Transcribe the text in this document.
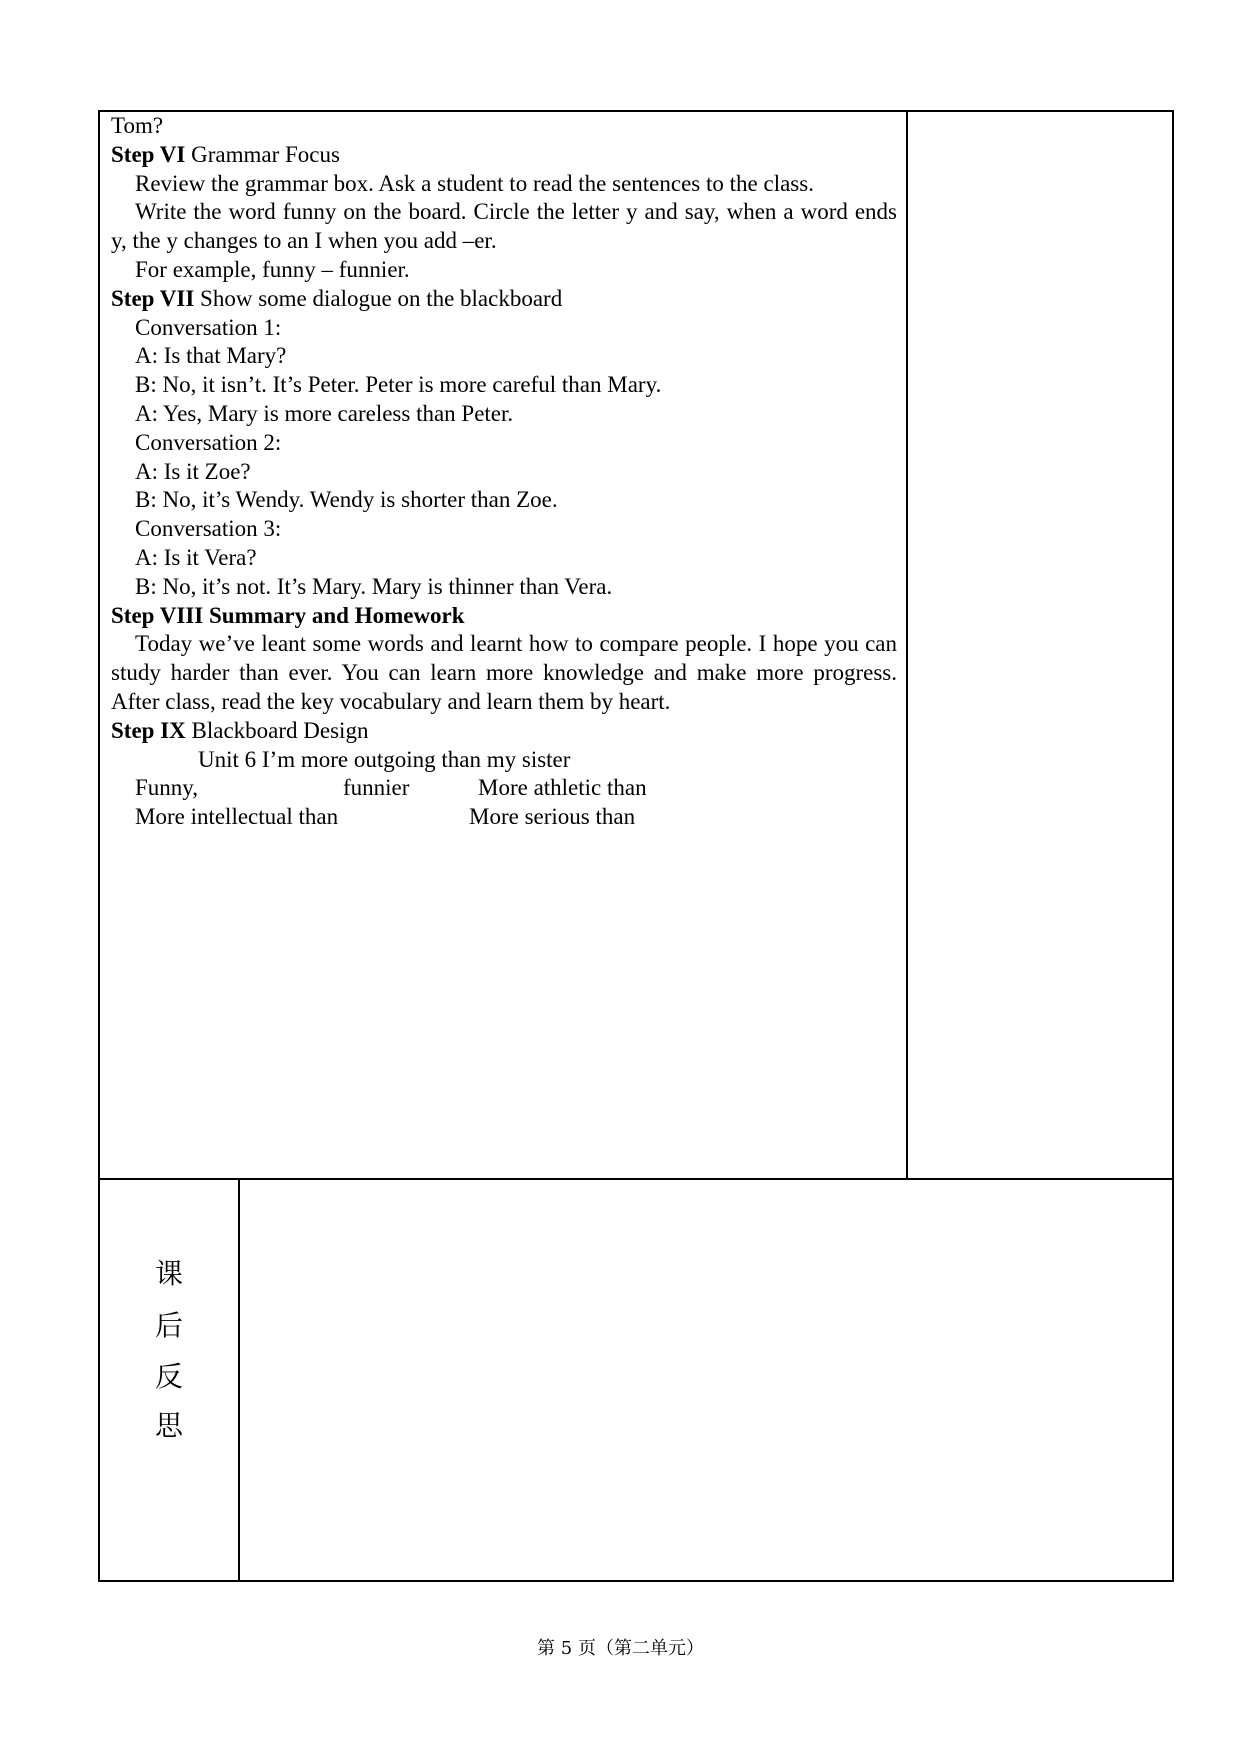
课
后
反
思

Tom?

Step VI Grammar Focus

Review the grammar box. Ask a student to read the sentences to the class.

Write the word funny on the board. Circle the letter y and say, when a word ends y, the y changes to an I when you add –er.

For example, funny – funnier.

Step VII Show some dialogue on the blackboard

Conversation 1:

A: Is that Mary?

B: No, it isn’t. It’s Peter. Peter is more careful than Mary.

A: Yes, Mary is more careless than Peter.

Conversation 2:

A: Is it Zoe?

B: No, it’s Wendy. Wendy is shorter than Zoe.

Conversation 3:

A: Is it Vera?

B: No, it’s not. It’s Mary. Mary is thinner than Vera.

Step VIII Summary and Homework

Today we’ve leant some words and learnt how to compare people. I hope you can study harder than ever. You can learn more knowledge and make more progress. After class, read the key vocabulary and learn them by heart.

Step IX Blackboard Design

Unit 6 I’m more outgoing than my sister

Funny,	funnier	More athletic than
More intellectual than	More serious than
第 5 页（第二单元）
